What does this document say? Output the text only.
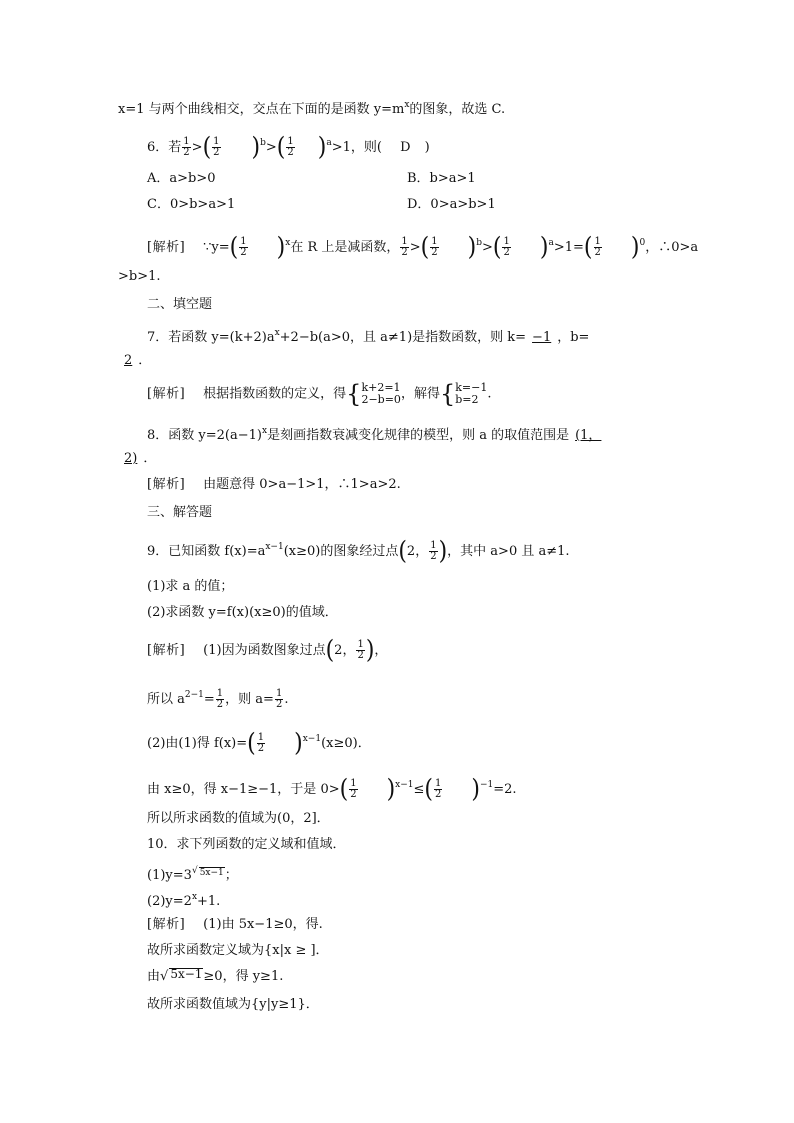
x=1 与两个曲线相交，交点在下面的是函数 $y=m^x$的图象，故选 C.
6．若 $\frac{1}{2}$ >( $\frac{1}{2} )^b>( \frac{1}{2} )^a>1$，则( D )
A．a>b>0	B．b>a>1
C．0>b>a>1	D．0>a>b>1
[解析] ∵y=( $\frac{1}{2} )^x$在 R 上是减函数， $\frac{1}{2}$ >( $\frac{1}{2} )^b>( \frac{1}{2} )^a>1=( \frac{1}{2} )^0$，∴0>a
>b>1.
二、填空题
7．若函数 $y=(k+2)a^x+2-b(a>0$，且 a≠1)是指数函数，则 k= −1 ，b=
2 ．
[解析] 根据指数函数的定义，得{ k+2=1
2−b=0 ，解得{ k=−1
b=2 .
8．函数 $y=2(a-1)^x$是刻画指数衰减变化规律的模型，则 a 的取值范围是 (1，
2) ．
[解析] 由题意得 0>a−1>1，∴1>a>2.
三、解答题
9．已知函数 $f(x)=a^{x-1}(x\ge 0)$的图象经过点(2， $\frac{1}{2}$ )，其中 a>0 且 a≠1.
(1)求 a 的值；
(2)求函数 y=f(x)(x≥0)的值域．
[解析] (1)因为函数图象过点(2， $\frac{1}{2}$ )，
所以 $a^{2-1}= \frac{1}{2}$ ，则 $a= \frac{1}{2}$ .
(2)由(1)得 $f(x)=( \frac{1}{2} )^{x-1}(x\ge 0)$．
由 x≥0，得 x−1≥−1，于是 $0>( \frac{1}{2} )^{x-1}\le( \frac{1}{2} )^{-1}=2$.
所以所求函数的值域为(0，2]．
10．求下列函数的定义域和值域．
(1)y=3√ 5x−1；
$(2)y=2^x+1$.
[解析] (1)由 5x−1≥0，得.
故所求函数定义域为{x|x ≥ ]．
由√ 5x−1≥0，得 y≥1.
故所求函数值域为{y|y≥1}．
